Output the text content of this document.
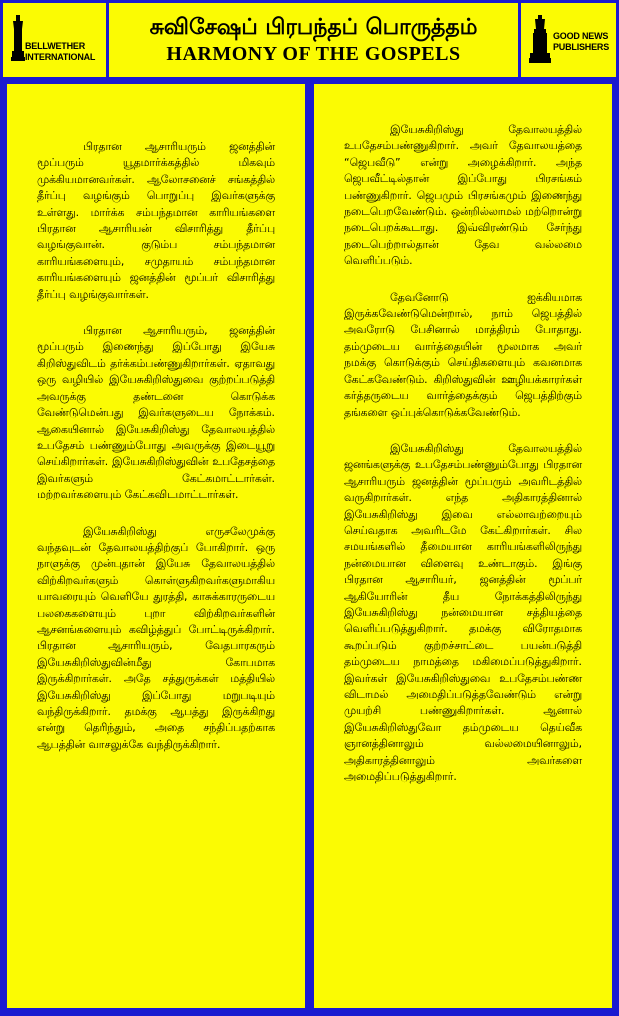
BELLWETHER
INTERNATIONAL
சுவிசேஷப் பிரபந்தப் பொருத்தம்
HARMONY OF THE GOSPELS
GOOD NEWS
PUBLISHERS

பிரதான ஆசாரியரும் ஜனத்தின் மூப்பரும் யூதமார்க்கத்தில் மிகவும் முக்கியமானவர்கள். ஆலோசனைச் சங்கத்தில் தீர்ப்பு வழங்கும் பொறுப்பு இவர்களுக்கு உள்ளது. மார்க்க சம்பந்தமான காரியங்களை பிரதான ஆசாரியன் விசாரித்து தீர்ப்பு வழங்குவான். குடும்ப சம்பந்தமான காரியங்களையும், சமுதாயம் சம்பந்தமான காரியங்களையும் ஜனத்தின் மூப்பர் விசாரித்து தீர்ப்பு வழங்குவார்கள்.

பிரதான ஆசாரியரும், ஜனத்தின் மூப்பரும் இணைந்து இப்போது இயேசு கிறிஸ்துவிடம் தர்க்கம்பண்ணுகிறார்கள். ஏதாவது ஒரு வழியில் இயேசுகிறிஸ்துவை குற்றப்படுத்தி அவருக்கு தண்டனை கொடுக்க வேண்டுமென்பது இவர்களுடைய நோக்கம். ஆகையினால் இயேசுகிறிஸ்து தேவாலயத்தில் உபதேசம் பண்ணும்போது அவருக்கு இடையூறு செய்கிறார்கள். இயேசுகிறிஸ்துவின் உபதேசத்தை இவர்களும் கேட்கமாட்டார்கள். மற்றவர்களையும் கேட்கவிடமாட்டார்கள்.

இயேசுகிறிஸ்து எருசலேமுக்கு வந்தவுடன் தேவாலயத்திற்குப் போகிறார். ஒரு நாளுக்கு முன்புதான் இயேசு தேவாலயத்தில் விற்கிறவர்களும் கொள்ளுகிறவர்களுமாகிய யாவரையும் வெளியே துரத்தி, காசுக்காரருடைய பலகைகளையும் புறா விற்கிறவர்களின் ஆசனங்களையும் கவிழ்த்துப் போட்டிருக்கிறார். பிரதான ஆசாரியரும், வேதபாரகரும் இயேசுகிறிஸ்துவின்மீது கோபமாக இருக்கிறார்கள். அதே சத்துருக்கள் மத்தியில் இயேசுகிறிஸ்து இப்போது மறுபடியும் வந்திருக்கிறார். தமக்கு ஆபத்து இருக்கிறது என்று தெரிந்தும், அதை சந்திப்பதற்காக ஆபத்தின் வாசலுக்கே வந்திருக்கிறார்.

இயேசுகிறிஸ்து தேவாலயத்தில் உபதேசம்பண்ணுகிறார். அவர் தேவாலயத்தை “ஜெபவீடு” என்று அழைக்கிறார். அந்த ஜெபவீட்டில்தான் இப்போது பிரசங்கம் பண்ணுகிறார். ஜெபமும் பிரசங்கமும் இணைந்து நடைபெறவேண்டும். ஒன்றில்லாமல் மற்றொன்று நடைபெறக்கூடாது. இவ்விரண்டும் சேர்ந்து நடைபெற்றால்தான் தேவ வல்லமை வெளிப்படும்.

தேவனோடு ஐக்கியமாக இருக்கவேண்டுமென்றால், நாம் ஜெபத்தில் அவரோடு பேசினால் மாத்திரம் போதாது. தம்முடைய வார்த்தையின் மூலமாக அவர் நமக்கு கொடுக்கும் செய்திகளையும் கவனமாக கேட்கவேண்டும். கிறிஸ்துவின் ஊழியக்காரர்கள் கர்த்தருடைய வார்த்தைக்கும் ஜெபத்திற்கும் தங்களை ஒப்புக்கொடுக்கவேண்டும்.

இயேசுகிறிஸ்து தேவாலயத்தில் ஜனங்களுக்கு உபதேசம்பண்ணும்போது பிரதான ஆசாரியரும் ஜனத்தின் மூப்பரும் அவரிடத்தில் வருகிறார்கள். எந்த அதிகாரத்தினால் இயேசுகிறிஸ்து இவை எல்லாவற்றையும் செய்வதாக அவரிடமே கேட்கிறார்கள். சில சமயங்களில் தீமையான காரியங்களிலிருந்து நன்மையான விளைவு உண்டாகும். இங்கு பிரதான ஆசாரியர், ஜனத்தின் மூப்பர் ஆகியோரின் தீய நோக்கத்திலிருந்து இயேசுகிறிஸ்து நன்மையான சத்தியத்தை வெளிப்படுத்துகிறார். தமக்கு விரோதமாக கூறப்படும் குற்றச்சாட்டை பயன்படுத்தி தம்முடைய நாமத்தை மகிமைப்படுத்துகிறார். இவர்கள் இயேசுகிறிஸ்துவை உபதேசம்பண்ண விடாமல் அமைதிப்படுத்தவேண்டும் என்று முயற்சி பண்ணுகிறார்கள். ஆனால் இயேசுகிறிஸ்துவோ தம்முடைய தெய்வீக ஞானத்தினாலும் வல்லமையினாலும், அதிகாரத்தினாலும் அவர்களை அமைதிப்படுத்துகிறார்.
